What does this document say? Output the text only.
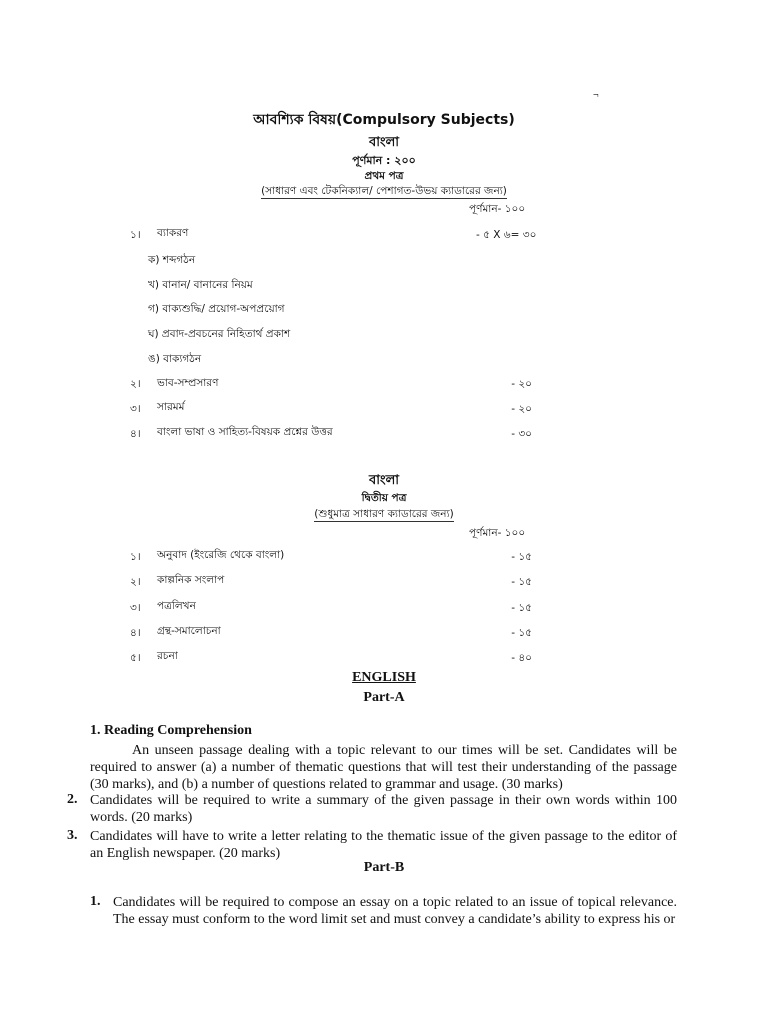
¬
আবশ্যিক বিষয়(Compulsory Subjects)
বাংলা
পূর্ণমান : ২০০
প্রথম পত্র
(সাধারণ এবং টেকনিক্যাল/ পেশাগত-উভয় ক্যাডারের জন্য)
পূর্ণমান- ১০০
১। ব্যাকরণ	- ৫ X ৬= ৩০
ক) শব্দগঠন
খ) বানান/ বানানের নিয়ম
গ) বাক্যশুদ্ধি/ প্রয়োগ-অপপ্রয়োগ
ঘ) প্রবাদ-প্রবচনের নিহিতার্থ প্রকাশ
ঙ) বাক্যগঠন
২। ভাব-সম্প্রসারণ	- ২০
৩। সারমর্ম	- ২০
৪। বাংলা ভাষা ও সাহিত্য-বিষয়ক প্রশ্নের উত্তর	- ৩০
বাংলা
দ্বিতীয় পত্র
(শুধুমাত্র সাধারণ ক্যাডারের জন্য)
পূর্ণমান- ১০০
১। অনুবাদ (ইংরেজি থেকে বাংলা)	- ১৫
২। কাল্পনিক সংলাপ	- ১৫
৩। পত্রলিখন	- ১৫
৪। গ্রন্থ-সমালোচনা	- ১৫
৫। রচনা	- ৪০
ENGLISH
Part-A
1. Reading Comprehension
An unseen passage dealing with a topic relevant to our times will be set. Candidates will be required to answer (a) a number of thematic questions that will test their understanding of the passage (30 marks), and (b) a number of questions related to grammar and usage. (30 marks)
2. Candidates will be required to write a summary of the given passage in their own words within 100 words. (20 marks)
3. Candidates will have to write a letter relating to the thematic issue of the given passage to the editor of an English newspaper. (20 marks)
Part-B
1. Candidates will be required to compose an essay on a topic related to an issue of topical relevance. The essay must conform to the word limit set and must convey a candidate’s ability to express his or
